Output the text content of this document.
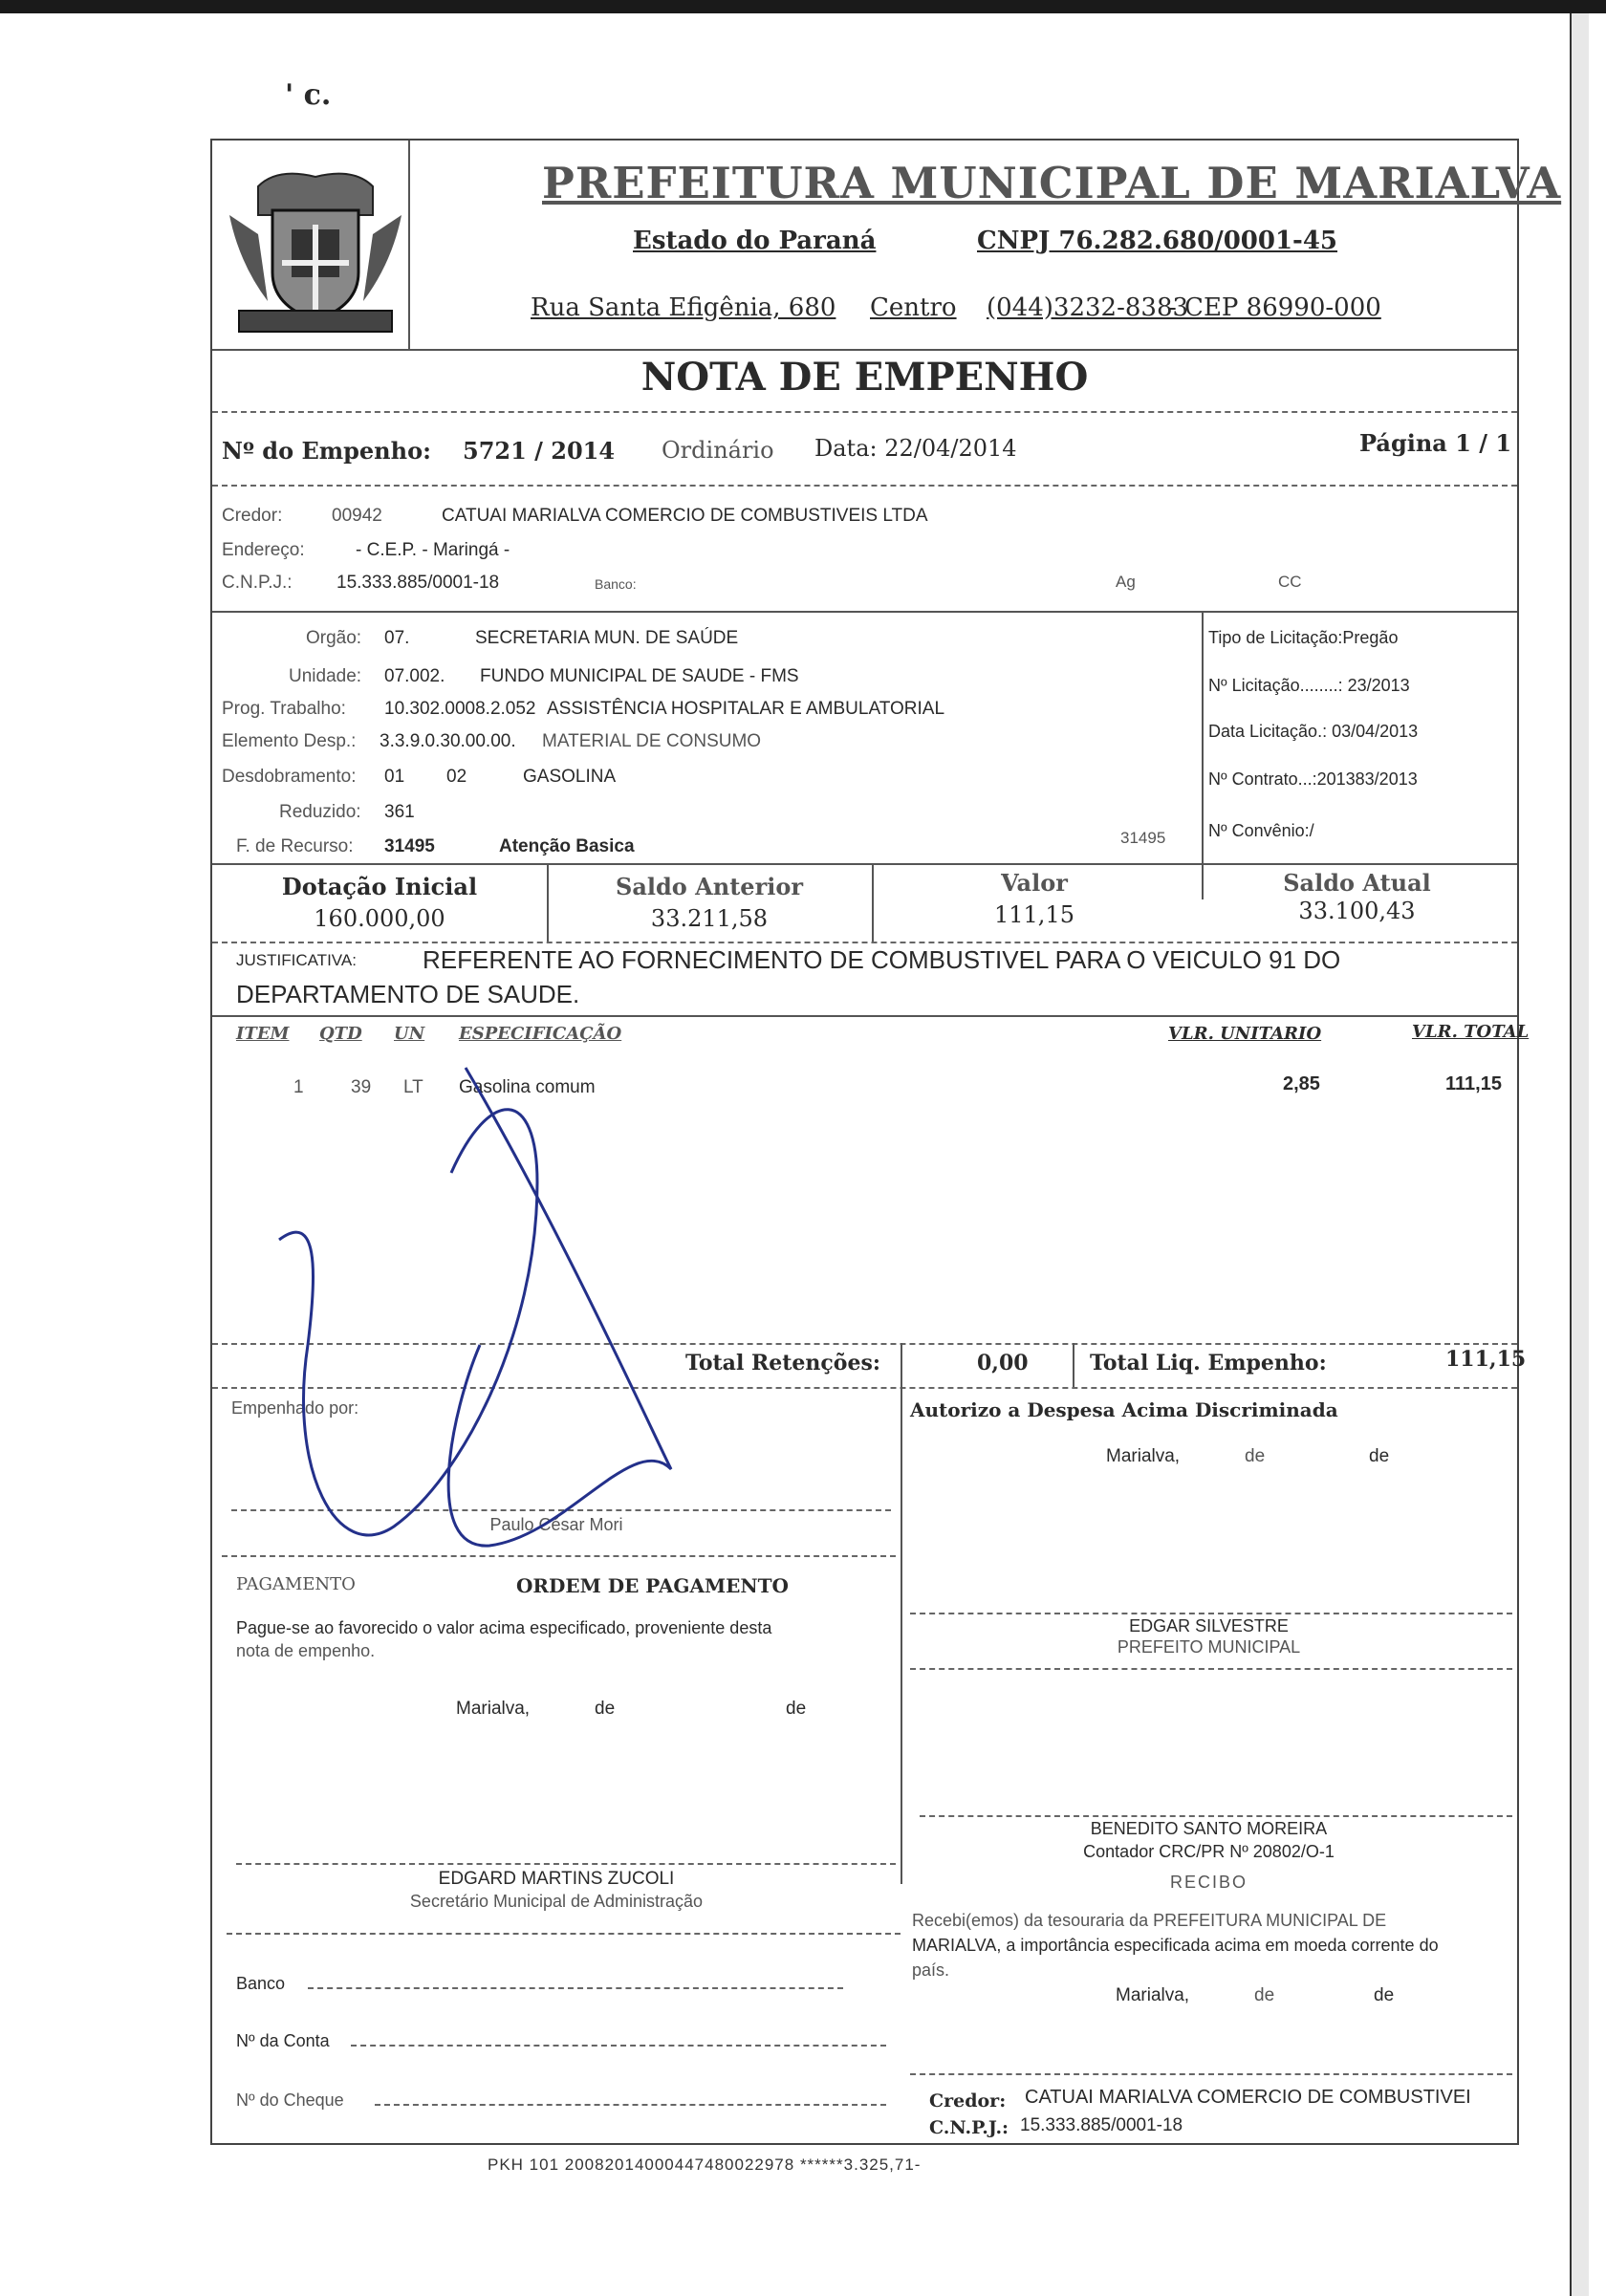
' c.
PREFEITURA MUNICIPAL DE MARIALVA
Estado do Paraná	CNPJ 76.282.680/0001-45
Rua Santa Efigênia, 680 Centro (044)3232-8383
- CEP 86990-000
NOTA DE EMPENHO
Nº do Empenho: 5721 / 2014 Ordinário Data: 22/04/2014	Página 1 / 1
Credor:	00942	CATUAI MARIALVA COMERCIO DE COMBUSTIVEIS LTDA
Endereço:	- C.E.P. - Maringá -
C.N.P.J.: 15.333.885/0001-18	Banco:	Ag	CC
Orgão: 07.	SECRETARIA MUN. DE SAÚDE
Unidade: 07.002. FUNDO MUNICIPAL DE SAUDE - FMS
Prog. Trabalho: 10.302.0008.2.052 ASSISTÊNCIA HOSPITALAR E AMBULATORIAL
Elemento Desp.: 3.3.9.0.30.00.00. MATERIAL DE CONSUMO
Desdobramento: 01 02	GASOLINA
Reduzido: 361
F. de Recurso: 31495	Atenção Basica	31495
Tipo de Licitação:Pregão
Nº Licitação........: 23/2013
Data Licitação.: 03/04/2013
Nº Contrato...:201383/2013
Nº Convênio:/
Dotação Inicial
160.000,00
Saldo Anterior
33.211,58
Valor
111,15
Saldo Atual
33.100,43
JUSTIFICATIVA:	REFERENTE AO FORNECIMENTO DE COMBUSTIVEL PARA O VEICULO 91 DO
DEPARTAMENTO DE SAUDE.
ITEM QTD UN ESPECIFICAÇÃO	VLR. UNITARIO	VLR. TOTAL
1	39 LT Gasolina comum	2,85	111,15
Total Retenções:	0,00	Total Liq. Empenho:	111,15
Empenhado por:
Paulo César Mori
Autorizo a Despesa Acima Discriminada
Marialva,	de	de
PAGAMENTO	ORDEM DE PAGAMENTO
Pague-se ao favorecido o valor acima especificado, proveniente desta
nota de empenho.
Marialva,	de	de
EDGAR SILVESTRE
PREFEITO MUNICIPAL
BENEDITO SANTO MOREIRA
Contador CRC/PR Nº 20802/O-1
EDGARD MARTINS ZUCOLI
Secretário Municipal de Administração
RECIBO
Recebi(emos) da tesouraria da PREFEITURA MUNICIPAL DE
MARIALVA, a importância especificada acima em moeda corrente do
país.
Marialva,	de	de
Banco
Nº da Conta
Nº do Cheque	Credor: CATUAI MARIALVA COMERCIO DE COMBUSTIVEI
C.N.P.J.: 15.333.885/0001-18
PKH 101 20082014000447480022978 ******3.325,71-
